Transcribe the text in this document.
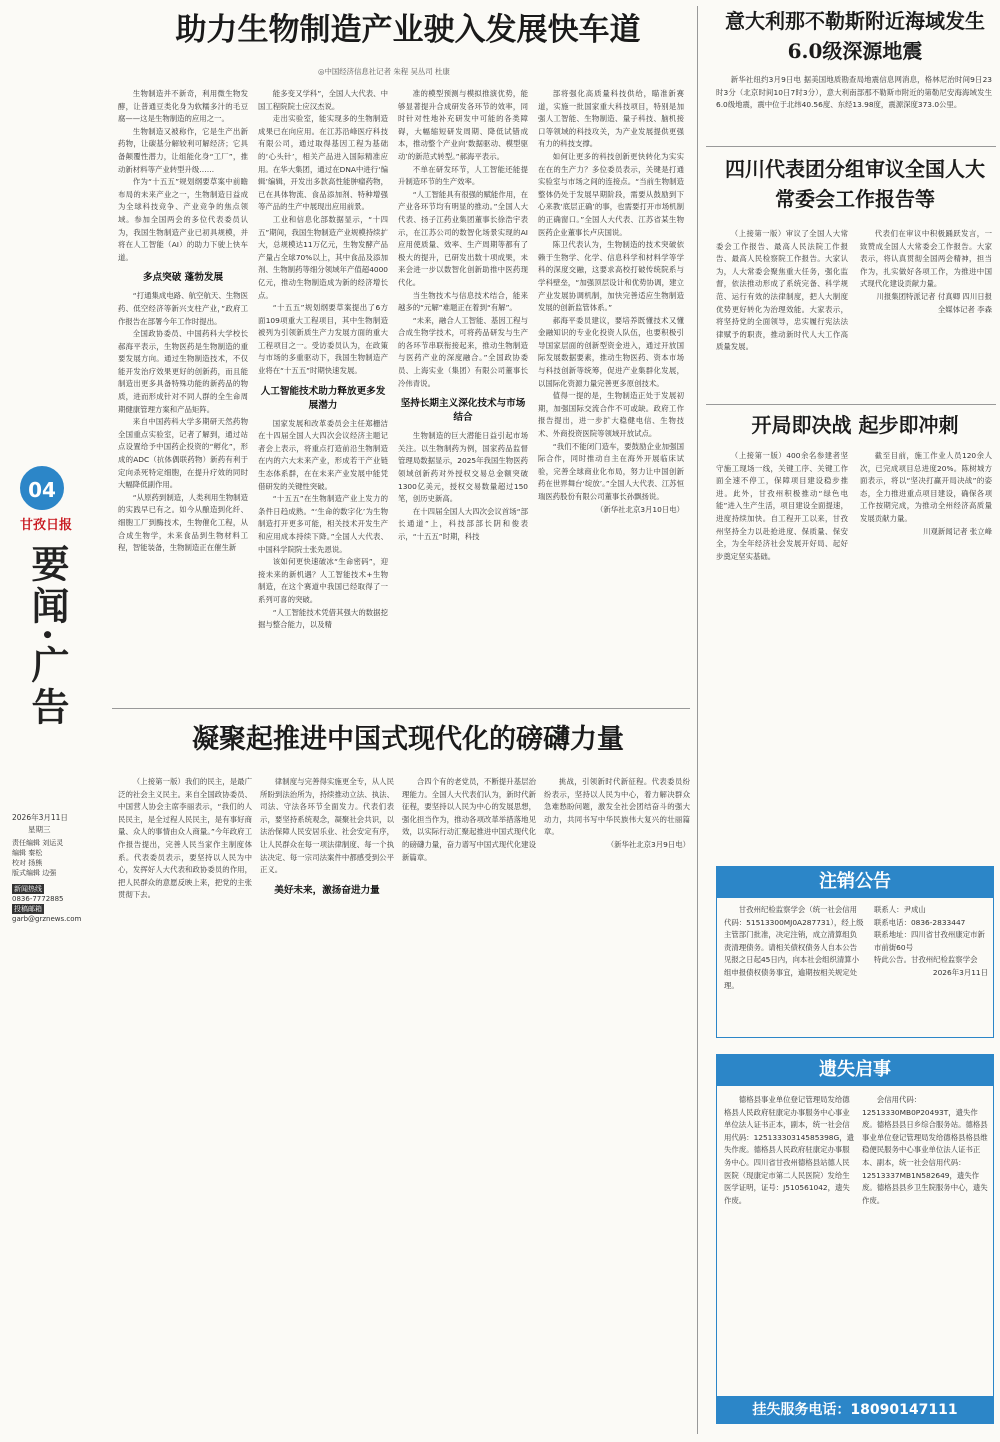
04
甘孜日报
要闻·广告
2026年3月11日
星期三
责任编辑 刘运灵
编辑 秦松
校对 扬熊
版式编辑 边强
新闻热线
0836-7772885
投稿邮箱
garb@grznews.com
助力生物制造产业驶入发展快车道
◎中国经济信息社记者 朱程 吴丛司 杜康

生物制造并不新奇，利用微生物发酵，让普通豆类化身为软糯多汁的毛豆腐——这是生物制造的应用之一。

生物制造又被称作，它是生产出新药物，让碳基分解较利可解经济；它具备颠覆性潜力，让组能化身“工厂”，推动新材料等产业转型升级……

作为“十五五”规划纲要草案中前瞻布局的未来产业之一，生物制造日益成为全球科技竞争、产业竞争的焦点领域。参加全国两会的多位代表委员认为，我国生物制造产业已初具规模，并将在人工智能（AI）的助力下驶上快车道。

多点突破 蓬勃发展

“打通集成电路、航空航天、生物医药、低空经济等新兴支柱产业，”政府工作报告在部署今年工作时提出。

全国政协委员、中国药科大学校长郝海平表示，生物医药是生物制造的重要发展方向。通过生物制造技术，不仅能开发治疗效果更好的创新药，而且能制造出更多具备特殊功能的新药品的物质，进而形成针对不同人群的全生命周期健康管理方案和产品矩阵。

来自中国药科大学多期研天然药物全国重点实验室，记者了解到，通过站点设置给予中国药企投资的“孵化”，形成的ADC（抗体偶联药物）新药有利于定向杀死特定细胞，在提升疗效的同时大幅降低副作用。

“从原药到制造，人类利用生物制造的实践早已有之。如今从酿造到化纤、细胞工厂到酶技术，生物催化工程，从合成生物学，未来食品到生物材料工程，智能装备，生物制造正在催生新

能多变又学科”，全国人大代表、中国工程院院士应汉杰说。

走出实验室，能实现多的生物制造成果已在向应用。在江苏沿峰医疗科技有限公司，通过取得基因工程为基础的‘心头针’，相关产品进入国际精准应用。在华大集团，通过在DNA中进行‘编辑’编辑，开发出多款高性能肿瘤药物，已在具体物流、食品添加剂、特种增强等产品的生产中展现出应用前景。

工业和信息化部数据显示，“十四五”期间，我国生物制造产业规模持续扩大，总规模达11万亿元，生物发酵产品产量占全球70%以上，其中食品及添加剂、生物制药等细分领域年产值超4000亿元，推动生物制造成为新的经济增长点。

“十五五”规划纲要草案提出了6方面109项重大工程项目，其中生物制造被列为引领新质生产力发展方面的重大工程项目之一。受访委员认为，在政策与市场的多重驱动下，我国生物制造产业将在“十五五”时期快速发展。

人工智能技术助力释放更多发展潜力

国家发展和改革委员会主任郑栅洁在十四届全国人大四次会议经济主题记者会上表示，将重点打造前沿生物制造在内的六大未来产业，形成若干产业链生态体系群，在在未来产业发展中能凭借研发的关键性突破。

“十五五”在生物制造产业上发力的条件日趋成熟。“‘生命的数字化’为生物制造打开更多可能，相关技术开发生产和应用成本持续下降。”全国人大代表、中国科学院院士张先恩说。

该如何更快速破冰“生命密码”，迎接未来的新机遇？人工智能技术+生物制造，在这个赛道中我国已经取得了一系列可喜的突破。

“人工智能技术凭借其强大的数据挖掘与整合能力，以及精

准的模型预测与模拟推演优势，能够显著提升合成研发各环节的效率，同时针对性地补充研发中可能的各类障碍，大幅缩短研发周期、降低试错成本，推动整个产业向‘数据驱动、模型驱动’的新范式转型。”郝海平表示。

不单在研发环节，人工智能还能提升制造环节的生产效率。

“人工智能具有很强的赋能作用，在产业各环节均有明显的推动。”全国人大代表、扬子江药业集团董事长徐浩宇表示，在江苏公司的数智化场景实现的AI应用使质量、效率、生产周期等都有了极大的提升，已研发出数十项成果，未来会进一步以数智化创新助推中医药现代化。

当生物技术与信息技术结合，能来越多的“元解”难题正在着到“有解”。

“未来，融合人工智能、基因工程与合成生物学技术，可将药品研发与生产的各环节串联衔接起来，推动生物制造与医药产业的深度融合。”全国政协委员、上海实业（集团）有限公司董事长冷伟青说。

坚持长期主义深化技术与市场结合

生物制造的巨大潜能日益引起市场关注。以生物制药为例，国家药品监督管理局数据显示，2025年我国生物医药领域创新药对外授权交易总金额突破1300亿美元，授权交易数量超过150笔，创历史新高。

在十四届全国人大四次会议首场“部长通道”上，科技部部长阴和俊表示，“十五五”时期，科技

部将强化高质量科技供给，瞄准新赛道，实施一批国家重大科技项目，特别是加强人工智能、生物制造、量子科技、脑机接口等领域的科技攻关，为产业发展提供更强有力的科技支撑。

如何让更多的科技创新更快转化为实实在在的生产力？多位委员表示，关键是打通实验室与市场之间的连接点。“当前生物制造整体仍处于发展早期阶段，需要从鼓励到下心来教‘底层正确’的事，也需要打开市场机制的正确窗口。”全国人大代表、江苏省某生物医药企业董事长卢庆国说。

陈卫代表认为，生物制造的技术突破依赖于生物学、化学、信息科学和材料学等学科的深度交融，这要求高校打破传统院系与学科壁垒，“加强顶层设计和优势协调，建立产业发展协调机制，加快完善适应生物制造发展的创新监管体系。”

郝海平委员建议，要培养既懂技术又懂金融知识的专业化投资人队伍，也要积极引导国家层面的创新型资金进入，通过开放国际发展数据要素，推动生物医药、资本市场与科技创新等统筹，促进产业集群化发展，以国际化资源力量完善更多原创技术。

值得一提的是，生物制造正处于发展初期，加强国际交流合作不可或缺。政府工作报告提出，进一步扩大稳健电信、生物技术、外商投资医院等领域开放试点。

“我们不能闭门造车，要鼓励企业加强国际合作，同时推动自主在海外开展临床试验，完善全球商业化布局，努力让中国创新药在世界舞台‘绽放’。”全国人大代表、江苏恒瑞医药股份有限公司董事长孙飘扬说。

（新华社北京3月10日电）

意大利那不勒斯附近海域发生6.0级深源地震

新华社纽约3月9日电 据美国地质勘查局地震信息网消息，格林尼治时间9日23时3分（北京时间10日7时3分），意大利南部那不勒斯市附近的第勒尼安海海域发生6.0级地震，震中位于北纬40.56度、东经13.98度，震源深度373.0公里。

四川代表团分组审议全国人大常委会工作报告等

（上接第一版）审议了全国人大常委会工作报告、最高人民法院工作报告、最高人民检察院工作报告。大家认为，人大常委会聚焦重大任务，强化监督，依法推动形成了系统完备、科学规范、运行有效的法律制度，把人大制度优势更好转化为治理效能。大家表示，将坚持党的全面领导，忠实履行宪法法律赋予的职责，推动新时代人大工作高质量发展。

代表们在审议中积极踊跃发言，一致赞成全国人大常委会工作报告。大家表示，将认真贯彻全国两会精神，担当作为，扎实做好各项工作，为推进中国式现代化建设贡献力量。

川报集团特派记者 付真卿 四川日报全媒体记者 李森

开局即决战 起步即冲刺

（上接第一版）400余名参建者坚守施工现场一线，关键工序、关键工作面全速不停工，保障项目建设稳步推进。此外，甘孜州积极推动“绿色电能”进入生产生活，项目建设全面提速，进度持续加快。自工程开工以来，甘孜州坚持全力以赴抢进度、保质量、保安全，为全年经济社会发展开好局、起好步奠定坚实基础。

截至目前，施工作业人员120余人次，已完成项目总进度20%。陈树城方面表示，将以“坚决打赢开局决战”的姿态，全力推进重点项目建设，确保各项工作按期完成，为推动全州经济高质量发展贡献力量。

川观新闻记者 张立峰

凝聚起推进中国式现代化的磅礴力量

（上接第一版）我们的民主，是最广泛的社会主义民主。来自全国政协委员、中国营人协会主席李丽表示，“我们的人民民主，是全过程人民民主，是有事好商量、众人的事情由众人商量。”今年政府工作报告提出，完善人民当家作主制度体系。代表委员表示，要坚持以人民为中心，发挥好人大代表和政协委员的作用，把人民群众的意愿反映上来，把党的主张贯彻下去。

律制度与完善得实施更全专，从人民所盼到法治所为，持续推动立法、执法、司法、守法各环节全面发力。代表们表示，要坚持系统观念，凝聚社会共识，以法治保障人民安居乐业、社会安定有序，让人民群众在每一项法律制度、每一个执法决定、每一宗司法案件中都感受到公平正义。

美好未来，激扬奋进力量

合四个有的老党员，不断提升基层治理能力。全国人大代表们认为，新时代新征程，要坚持以人民为中心的发展思想，强化担当作为，推动各项改革举措落地见效，以实际行动汇聚起推进中国式现代化的磅礴力量，奋力谱写中国式现代化建设新篇章。

挑战，引领新时代新征程。代表委员纷纷表示，坚持以人民为中心，着力解决群众急难愁盼问题，激发全社会团结奋斗的强大动力，共同书写中华民族伟大复兴的壮丽篇章。

（新华社北京3月9日电）

注销公告

甘孜州纪检监察学会（统一社会信用代码：51513300MJ0A287731），经上级主管部门批准，决定注销，成立清算组负责清理债务。请相关债权债务人自本公告见报之日起45日内，向本社会组织清算小组申报债权债务事宜，逾期按相关规定处理。

联系人：尹成山

联系电话：0836-2833447

联系地址：四川省甘孜州康定市新市前街60号

特此公告。甘孜州纪检监察学会

2026年3月11日

遗失启事

德格县事业单位登记管理局发给德格县人民政府驻康定办事服务中心事业单位法人证书正本，副本，统一社会信用代码：12513330314585398G，遗失作废。德格县人民政府驻康定办事服务中心。四川省甘孜州德格县站德人民医院（现康定市第二人民医院）发给生医学证明，证号：J510561042，遗失作废。

会信用代码：12513330MB0P20493T，遗失作废。德格县县日乡综合服务站。德格县事业单位登记管理局发给德格县格县维稳便民服务中心事业单位法人证书正本、副本，统一社会信用代码：12513337MB1N582649，遗失作废。德格县县乡卫生院服务中心，遗失作废。

挂失服务电话：18090147111
